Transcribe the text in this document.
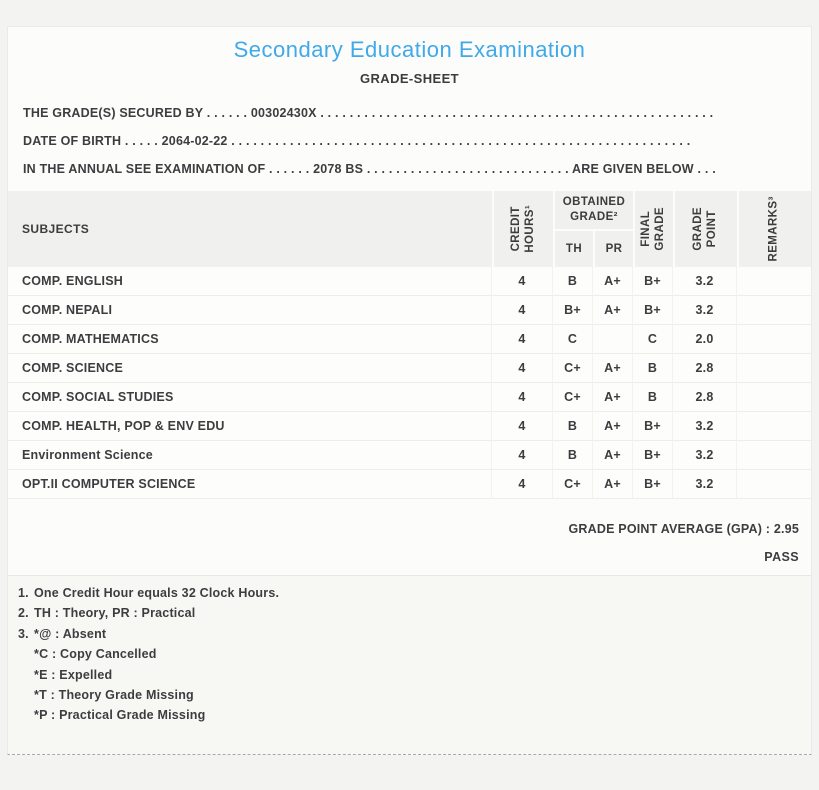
Secondary Education Examination
GRADE-SHEET
THE GRADE(S) SECURED BY . . . . . . 00302430X . . . . . . . . . . . . . . . . . . . . . . . . . . . . . . . . . . . . . . . . . . . . . . . . . . . . . .
DATE OF BIRTH . . . . . 2064-02-22 . . . . . . . . . . . . . . . . . . . . . . . . . . . . . . . . . . . . . . . . . . . . . . . . . . . . . . . . . . . . . . .
IN THE ANNUAL SEE EXAMINATION OF . . . . . . 2078 BS . . . . . . . . . . . . . . . . . . . . . . . . . . . . ARE GIVEN BELOW . . .
SUBJECTS	CREDIT HOURS¹	OBTAINED GRADE²		FINAL GRADE	GRADE POINT	REMARKS³

		TH	PR			
COMP. ENGLISH	4	B	A+	B+	3.2	
COMP. NEPALI	4	B+	A+	B+	3.2	
COMP. MATHEMATICS	4	C		C	2.0	
COMP. SCIENCE	4	C+	A+	B	2.8	
COMP. SOCIAL STUDIES	4	C+	A+	B	2.8	
COMP. HEALTH, POP & ENV EDU	4	B	A+	B+	3.2	
Environment Science	4	B	A+	B+	3.2	
OPT.II COMPUTER SCIENCE	4	C+	A+	B+	3.2	
GRADE POINT AVERAGE (GPA) : 2.95
PASS
1. One Credit Hour equals 32 Clock Hours.
2. TH : Theory, PR : Practical
3. *@ : Absent
*C : Copy Cancelled
*E : Expelled
*T : Theory Grade Missing
*P : Practical Grade Missing
